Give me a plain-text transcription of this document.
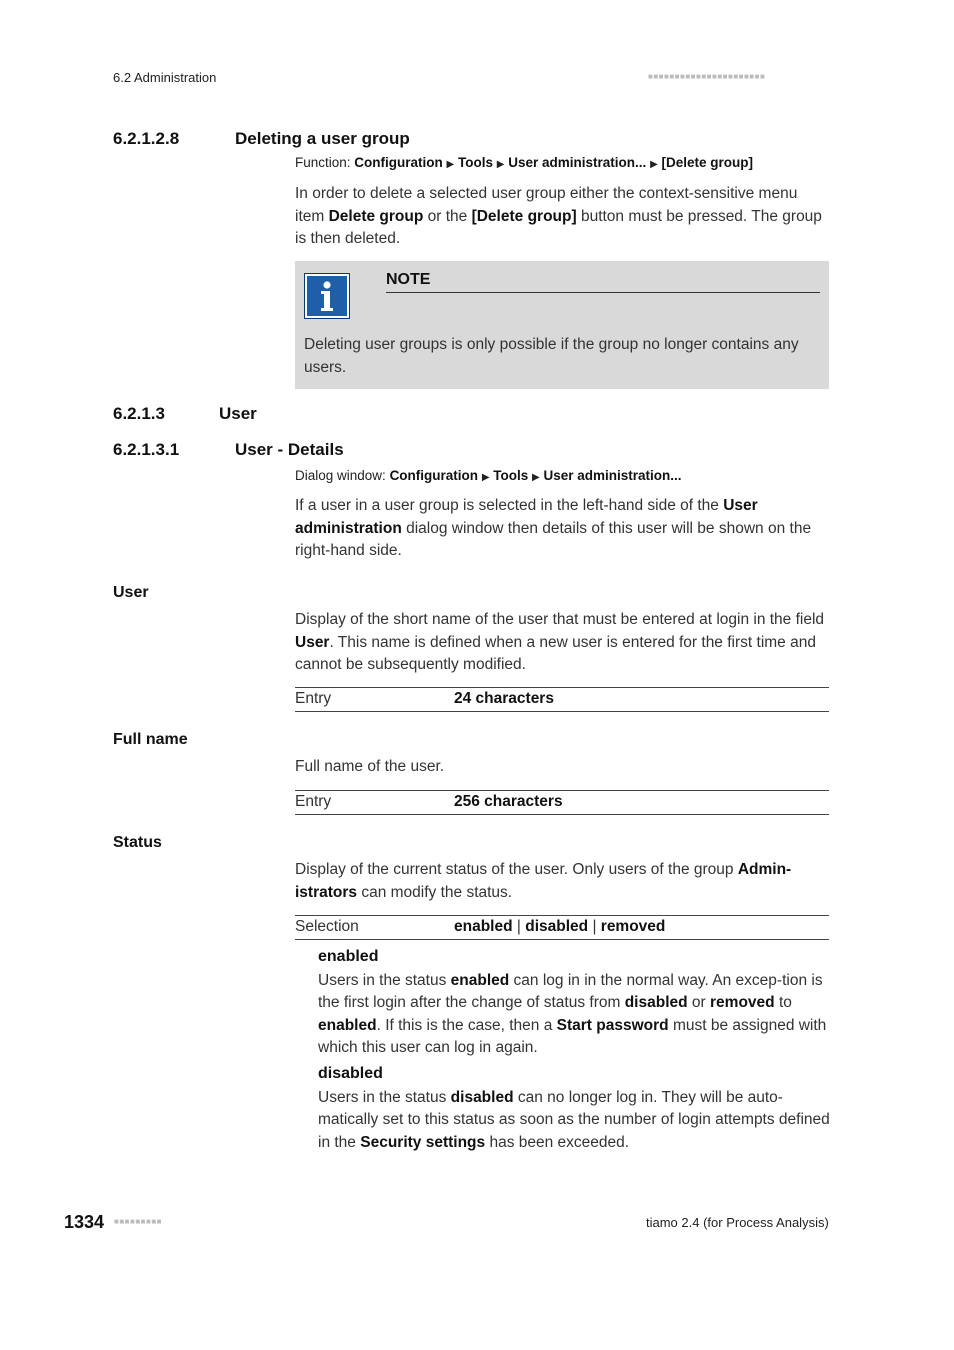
6.2 Administration	■■■■■■■■■■■■■■■■■■■■■■
6.2.1.2.8	Deleting a user group
Function: Configuration ▶ Tools ▶ User administration... ▶ [Delete group]
In order to delete a selected user group either the context-sensitive menu item Delete group or the [Delete group] button must be pressed. The group is then deleted.
NOTE
Deleting user groups is only possible if the group no longer contains any users.
6.2.1.3	User
6.2.1.3.1	User - Details
Dialog window: Configuration ▶ Tools ▶ User administration...
If a user in a user group is selected in the left-hand side of the User administration dialog window then details of this user will be shown on the right-hand side.
User
Display of the short name of the user that must be entered at login in the field User. This name is defined when a new user is entered for the first time and cannot be subsequently modified.
Entry	24 characters
Full name
Full name of the user.
Entry	256 characters
Status
Display of the current status of the user. Only users of the group Admin-istrators can modify the status.
Selection	enabled | disabled | removed
enabled
Users in the status enabled can log in in the normal way. An excep-tion is the first login after the change of status from disabled or removed to enabled. If this is the case, then a Start password must be assigned with which this user can log in again.
disabled
Users in the status disabled can no longer log in. They will be auto-matically set to this status as soon as the number of login attempts defined in the Security settings has been exceeded.
1334 ■■■■■■■■■	tiamo 2.4 (for Process Analysis)
